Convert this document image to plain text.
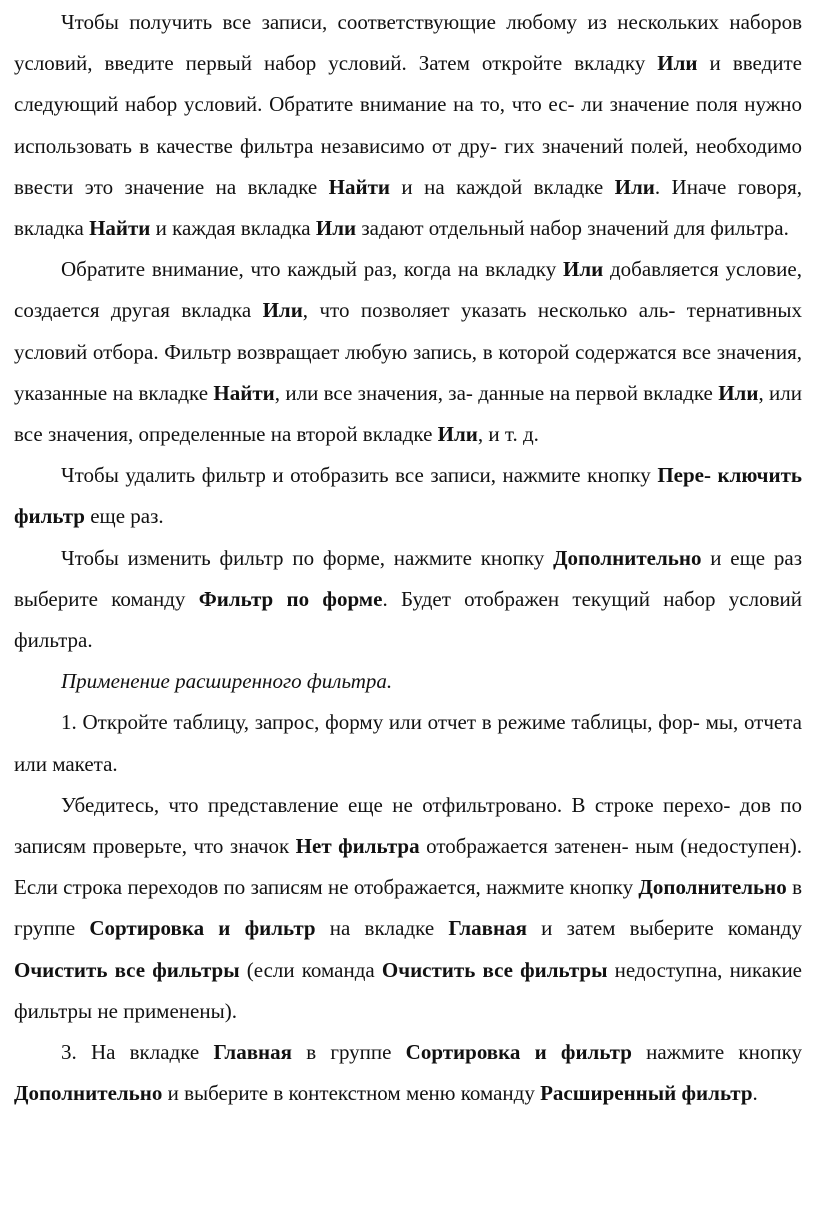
Чтобы получить все записи, соответствующие любому из нескольких наборов условий, введите первый набор условий. Затем откройте вкладку Или и введите следующий набор условий. Обратите внимание на то, что ес- ли значение поля нужно использовать в качестве фильтра независимо от дру- гих значений полей, необходимо ввести это значение на вкладке Найти и на каждой вкладке Или. Иначе говоря, вкладка Найти и каждая вкладка Или задают отдельный набор значений для фильтра.

Обратите внимание, что каждый раз, когда на вкладку Или добавляется условие, создается другая вкладка Или, что позволяет указать несколько аль- тернативных условий отбора. Фильтр возвращает любую запись, в которой содержатся все значения, указанные на вкладке Найти, или все значения, за- данные на первой вкладке Или, или все значения, определенные на второй вкладке Или, и т. д.

Чтобы удалить фильтр и отобразить все записи, нажмите кнопку Пере- ключить фильтр еще раз.

Чтобы изменить фильтр по форме, нажмите кнопку Дополнительно и еще раз выберите команду Фильтр по форме. Будет отображен текущий набор условий фильтра.

Применение расширенного фильтра.

1. Откройте таблицу, запрос, форму или отчет в режиме таблицы, фор- мы, отчета или макета.

Убедитесь, что представление еще не отфильтровано. В строке перехо- дов по записям проверьте, что значок Нет фильтра отображается затенен- ным (недоступен). Если строка переходов по записям не отображается, нажмите кнопку Дополнительно в группе Сортировка и фильтр на вкладке Главная и затем выберите команду Очистить все фильтры (если команда Очистить все фильтры недоступна, никакие фильтры не применены).

3. На вкладке Главная в группе Сортировка и фильтр нажмите кнопку Дополнительно и выберите в контекстном меню команду Расширенный фильтр.
